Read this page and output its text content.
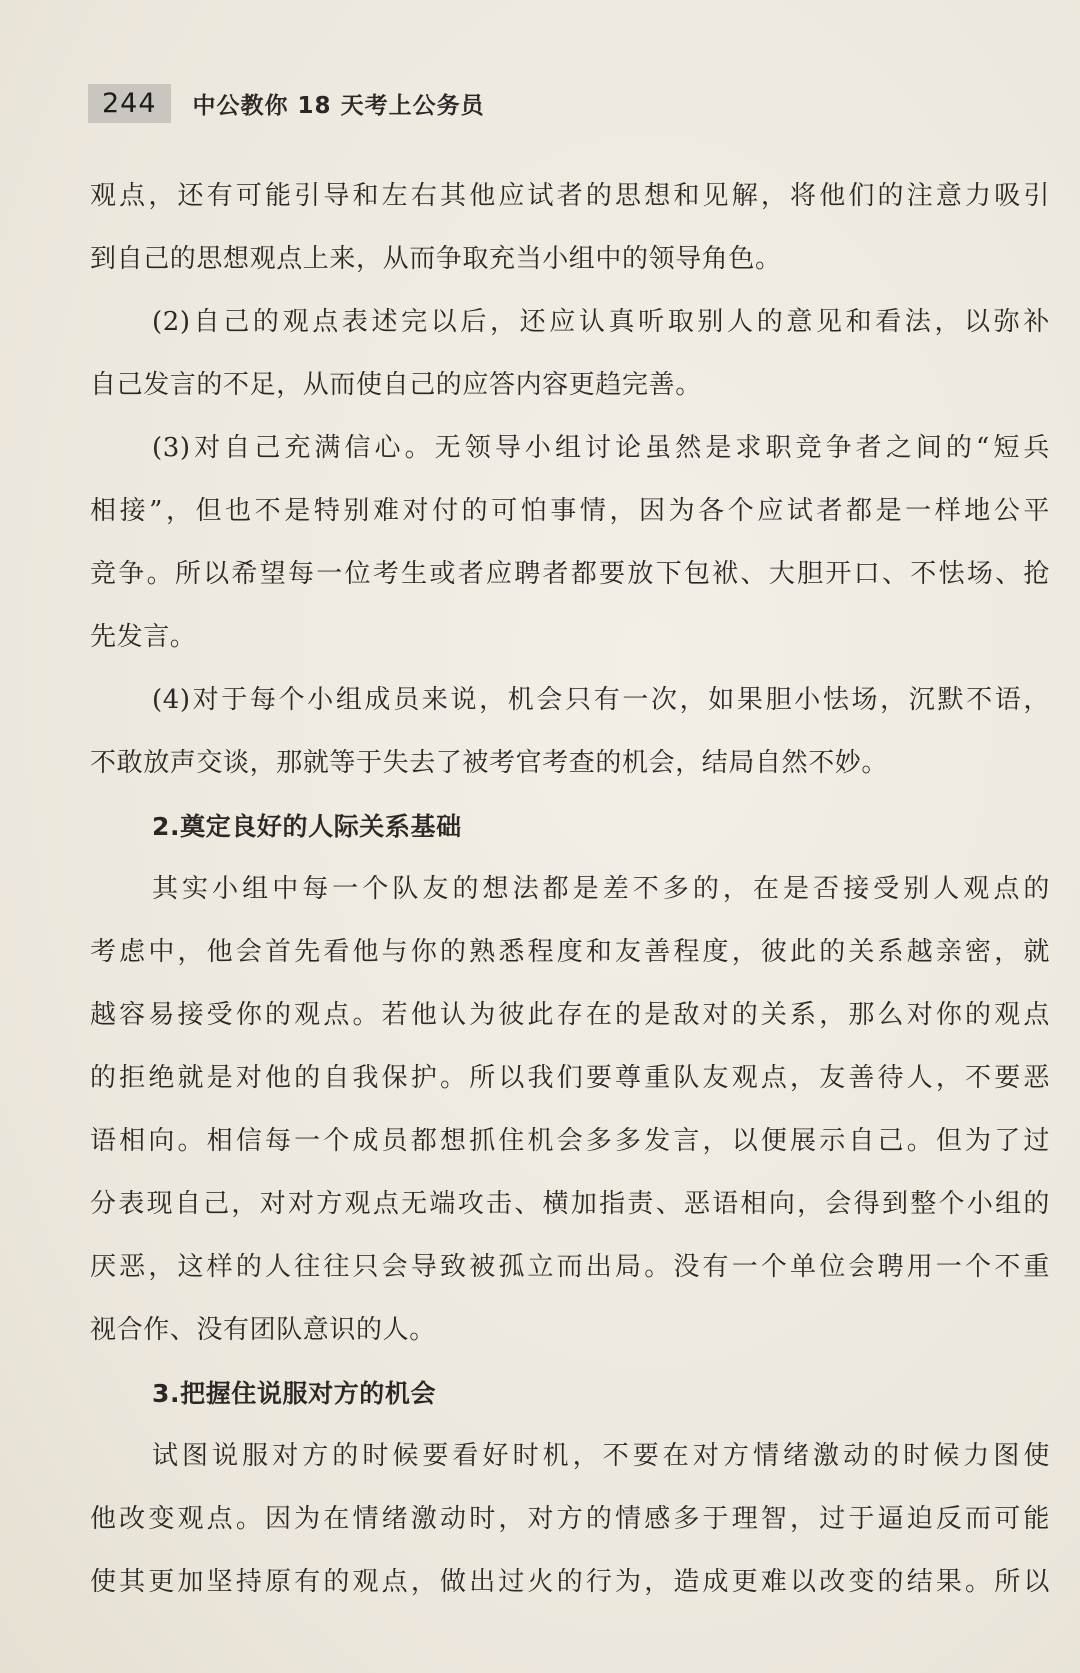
244	中公教你 18 天考上公务员
观点，还有可能引导和左右其他应试者的思想和见解，将他们的注意力吸引
到自己的思想观点上来，从而争取充当小组中的领导角色。
(2)自己的观点表述完以后，还应认真听取别人的意见和看法，以弥补
自己发言的不足，从而使自己的应答内容更趋完善。
(3)对自己充满信心。无领导小组讨论虽然是求职竞争者之间的“短兵
相接”，但也不是特别难对付的可怕事情，因为各个应试者都是一样地公平
竞争。所以希望每一位考生或者应聘者都要放下包袱、大胆开口、不怯场、抢
先发言。
(4)对于每个小组成员来说，机会只有一次，如果胆小怯场，沉默不语，
不敢放声交谈，那就等于失去了被考官考查的机会，结局自然不妙。
2.奠定良好的人际关系基础
其实小组中每一个队友的想法都是差不多的，在是否接受别人观点的
考虑中，他会首先看他与你的熟悉程度和友善程度，彼此的关系越亲密，就
越容易接受你的观点。若他认为彼此存在的是敌对的关系，那么对你的观点
的拒绝就是对他的自我保护。所以我们要尊重队友观点，友善待人，不要恶
语相向。相信每一个成员都想抓住机会多多发言，以便展示自己。但为了过
分表现自己，对对方观点无端攻击、横加指责、恶语相向，会得到整个小组的
厌恶，这样的人往往只会导致被孤立而出局。没有一个单位会聘用一个不重
视合作、没有团队意识的人。
3.把握住说服对方的机会
试图说服对方的时候要看好时机，不要在对方情绪激动的时候力图使
他改变观点。因为在情绪激动时，对方的情感多于理智，过于逼迫反而可能
使其更加坚持原有的观点，做出过火的行为，造成更难以改变的结果。所以
